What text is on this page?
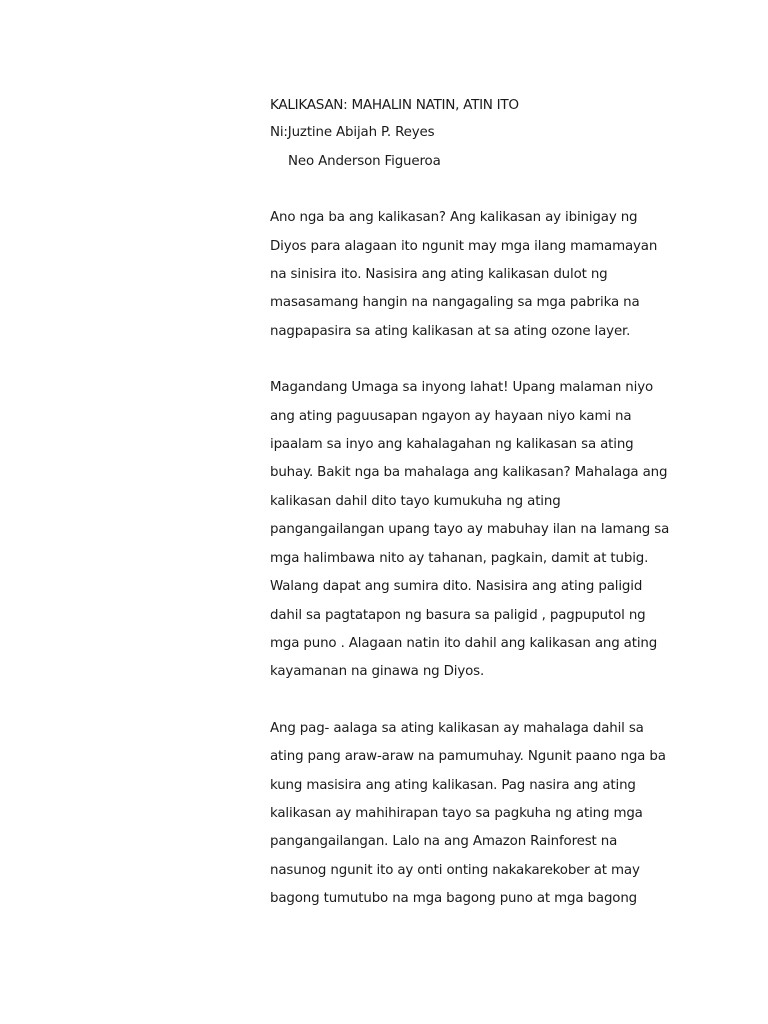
KALIKASAN: MAHALIN NATIN, ATIN ITO
Ni:Juztine Abijah P. Reyes
Neo Anderson Figueroa
Ano nga ba ang kalikasan? Ang kalikasan ay ibinigay ng
Diyos para alagaan ito ngunit may mga ilang mamamayan
na sinisira ito. Nasisira ang ating kalikasan dulot ng
masasamang hangin na nangagaling sa mga pabrika na
nagpapasira sa ating kalikasan at sa ating ozone layer.
Magandang Umaga sa inyong lahat! Upang malaman niyo
ang ating paguusapan ngayon ay hayaan niyo kami na
ipaalam sa inyo ang kahalagahan ng kalikasan sa ating
buhay. Bakit nga ba mahalaga ang kalikasan? Mahalaga ang
kalikasan dahil dito tayo kumukuha ng ating
pangangailangan upang tayo ay mabuhay ilan na lamang sa
mga halimbawa nito ay tahanan, pagkain, damit at tubig.
Walang dapat ang sumira dito. Nasisira ang ating paligid
dahil sa pagtatapon ng basura sa paligid , pagpuputol ng
mga puno . Alagaan natin ito dahil ang kalikasan ang ating
kayamanan na ginawa ng Diyos.
Ang pag- aalaga sa ating kalikasan ay mahalaga dahil sa
ating pang araw-araw na pamumuhay. Ngunit paano nga ba
kung masisira ang ating kalikasan. Pag nasira ang ating
kalikasan ay mahihirapan tayo sa pagkuha ng ating mga
pangangailangan. Lalo na ang Amazon Rainforest na
nasunog ngunit ito ay onti onting nakakarekober at may
bagong tumutubo na mga bagong puno at mga bagong
